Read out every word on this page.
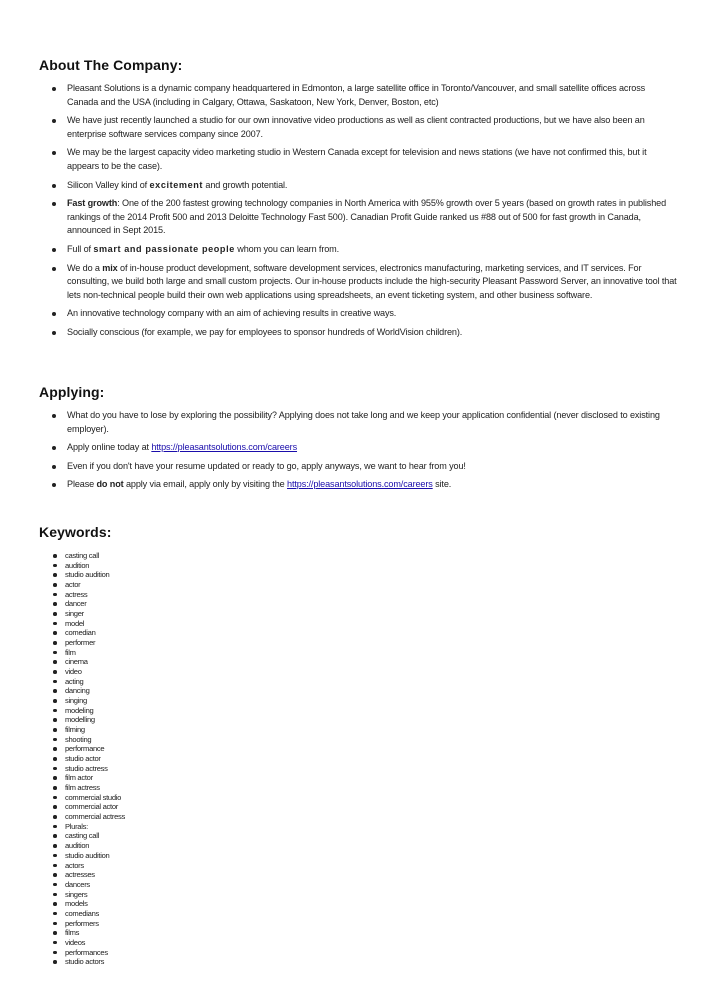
About The Company:
Pleasant Solutions is a dynamic company headquartered in Edmonton, a large satellite office in Toronto/Vancouver, and small satellite offices across Canada and the USA (including in Calgary, Ottawa, Saskatoon, New York, Denver, Boston, etc)
We have just recently launched a studio for our own innovative video productions as well as client contracted productions, but we have also been an enterprise software services company since 2007.
We may be the largest capacity video marketing studio in Western Canada except for television and news stations (we have not confirmed this, but it appears to be the case).
Silicon Valley kind of excitement and growth potential.
Fast growth: One of the 200 fastest growing technology companies in North America with 955% growth over 5 years (based on growth rates in published rankings of the 2014 Profit 500 and 2013 Deloitte Technology Fast 500). Canadian Profit Guide ranked us #88 out of 500 for fast growth in Canada, announced in Sept 2015.
Full of smart and passionate people whom you can learn from.
We do a mix of in-house product development, software development services, electronics manufacturing, marketing services, and IT services. For consulting, we build both large and small custom projects. Our in-house products include the high-security Pleasant Password Server, an innovative tool that lets non-technical people build their own web applications using spreadsheets, an event ticketing system, and other business software.
An innovative technology company with an aim of achieving results in creative ways.
Socially conscious (for example, we pay for employees to sponsor hundreds of WorldVision children).
Applying:
What do you have to lose by exploring the possibility? Applying does not take long and we keep your application confidential (never disclosed to existing employer).
Apply online today at https://pleasantsolutions.com/careers
Even if you don't have your resume updated or ready to go, apply anyways, we want to hear from you!
Please do not apply via email, apply only by visiting the https://pleasantsolutions.com/careers site.
Keywords:
casting call
audition
studio audition
actor
actress
dancer
singer
model
comedian
performer
film
cinema
video
acting
dancing
singing
modeling
modelling
filming
shooting
performance
studio actor
studio actress
film actor
film actress
commercial studio
commercial actor
commercial actress
Plurals:
casting call
audition
studio audition
actors
actresses
dancers
singers
models
comedians
performers
films
videos
performances
studio actors
